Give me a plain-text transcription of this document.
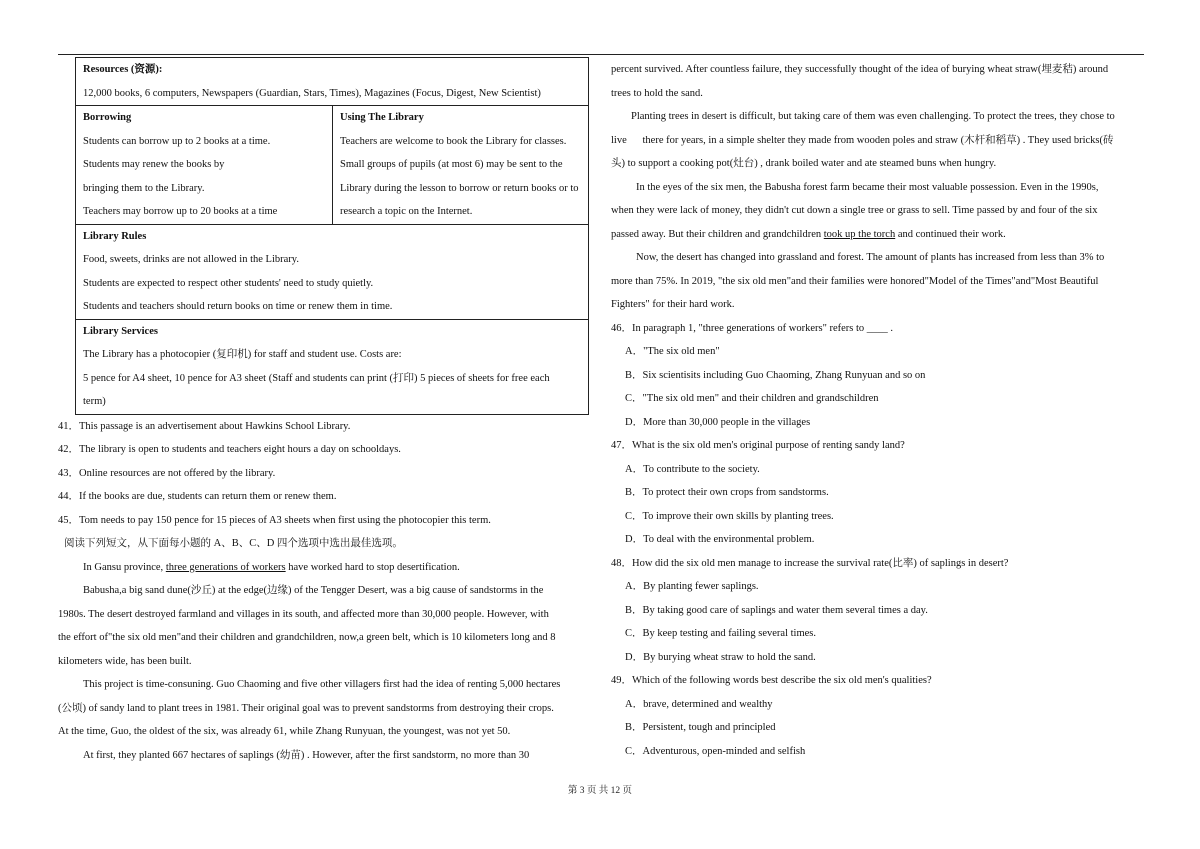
Resources (资源):
12,000 books, 6 computers, Newspapers (Guardian, Stars, Times), Magazines (Focus, Digest, New Scientist)
Borrowing
Students can borrow up to 2 books at a time.
Students may renew the books by
bringing them to the Library.
Teachers may borrow up to 20 books at a time
Using The Library
Teachers are welcome to book the Library for classes.
Small groups of pupils (at most 6) may be sent to the
Library during the lesson to borrow or return books or to
research a topic on the Internet.
Library Rules
Food, sweets, drinks are not allowed in the Library.
Students are expected to respect other students' need to study quietly.
Students and teachers should return books on time or renew them in time.
Library Services
The Library has a photocopier (复印机) for staff and student use. Costs are:
5 pence for A4 sheet, 10 pence for A3 sheet (Staff and students can print (打印) 5 pieces of sheets for free each
term)
41．This passage is an advertisement about Hawkins School Library.
42．The library is open to students and teachers eight hours a day on schooldays.
43．Online resources are not offered by the library.
44．If the books are due, students can return them or renew them.
45．Tom needs to pay 150 pence for 15 pieces of A3 sheets when first using the photocopier this term.
阅读下列短文，从下面每小题的 A、B、C、D 四个选项中选出最佳选项。
In Gansu province, three generations of workers have worked hard to stop desertification.
Babusha,a big sand dune(沙丘) at the edge(边缘) of the Tengger Desert, was a big cause of sandstorms in the
1980s. The desert destroyed farmland and villages in its south, and affected more than 30,000 people. However, with
the effort of"the six old men"and their children and grandchildren, now,a green belt, which is 10 kilometers long and 8
kilometers wide, has been built.
This project is time-consuning. Guo Chaoming and five other villagers first had the idea of renting 5,000 hectares
(公顷) of sandy land to plant trees in 1981. Their original goal was to prevent sandstorms from destroying their crops.
At the time, Guo, the oldest of the six, was already 61, while Zhang Runyuan, the youngest, was not yet 50.
At first, they planted 667 hectares of saplings (幼苗) . However, after the first sandstorm, no more than 30
percent survived. After countless failure, they successfully thought of the idea of burying wheat straw(埋麦秸) around
trees to hold the sand.
Planting trees in desert is difficult, but taking care of them was even challenging. To protect the trees, they chose to
live      there for years, in a simple shelter they made from wooden poles and straw (木杆和稻草) . They used bricks(砖
头) to support a cooking pot(灶台) , drank boiled water and ate steamed buns when hungry.
In the eyes of the six men, the Babusha forest farm became their most valuable possession. Even in the 1990s,
when they were lack of money, they didn't cut down a single tree or grass to sell. Time passed by and four of the six
passed away. But their children and grandchildren took up the torch and continued their work.
Now, the desert has changed into grassland and forest. The amount of plants has increased from less than 3% to
more than 75%. In 2019, "the six old men"and their families were honored"Model of the Times"and"Most Beautiful
Fighters" for their hard work.
46．In paragraph 1, "three generations of workers" refers to ____ .
A．"The six old men"
B．Six scientisits including Guo Chaoming, Zhang Runyuan and so on
C．"The six old men" and their children and grandschildren
D．More than 30,000 people in the villages
47．What is the six old men's original purpose of renting sandy land?
A．To contribute to the society.
B．To protect their own crops from sandstorms.
C．To improve their own skills by planting trees.
D．To deal with the environmental problem.
48．How did the six old men manage to increase the survival rate(比率) of saplings in desert?
A．By planting fewer saplings.
B．By taking good care of saplings and water them several times a day.
C．By keep testing and failing several times.
D．By burying wheat straw to hold the sand.
49．Which of the following words best describe the six old men's qualities?
A．brave, determined and wealthy
B．Persistent, tough and principled
C．Adventurous, open-minded and selfish
第 3 页 共 12 页
